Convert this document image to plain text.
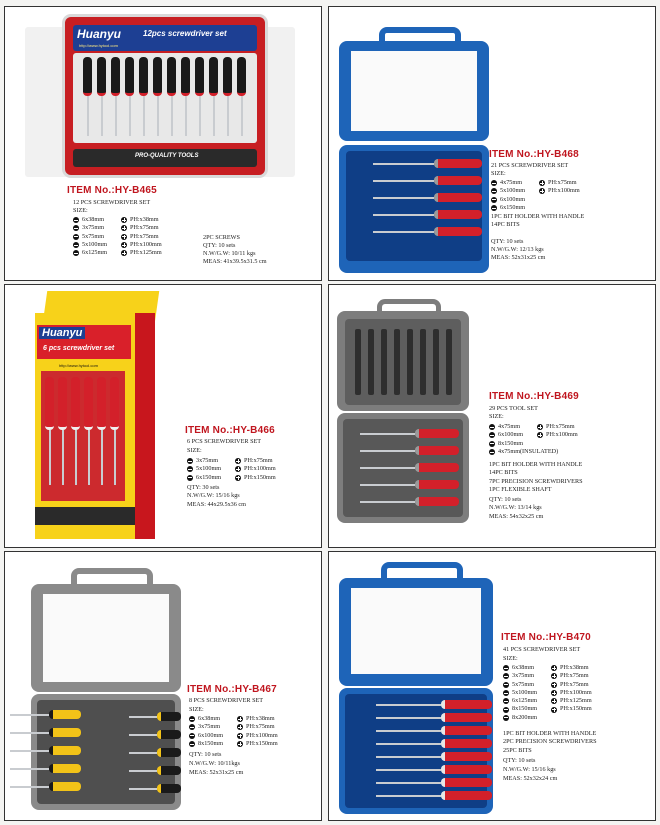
Huanyu	12pcs screwdriver set
http://www.hytool.com
PRO-QUALITY TOOLS
ITEM No.:HY-B465
12 PCS SCREWDRIVER SET
SIZE:
6x38mm	PH:x38mm
3x75mm	PH:x75mm
5x75mm	PH:x75mm
5x100mm	PH:x100mm
6x125mm	PH:x125mm
2PC SCREWS
QTY: 10 sets
N.W/G.W: 10/11 kgs
MEAS: 41x39.5x31.5 cm
ITEM No.:HY-B468
21 PCS SCREWDRIVER SET
SIZE:
4x75mm	PH:x75mm
5x100mm	PH:x100mm
6x100mm
6x150mm
1PC BIT HOLDER WITH HANDLE
14PC BITS
QTY: 10 sets
N.W/G.W: 12/13 kgs
MEAS: 52x31x25 cm
Huanyu
6 pcs screwdriver set
http://www.hytool.com
ITEM No.:HY-B466
6 PCS SCREWDRIVER SET
SIZE:
3x75mm	PH:x75mm
5x100mm	PH:x100mm
6x150mm	PH:x150mm
QTY: 30 sets
N.W/G.W: 15/16 kgs
MEAS: 44x29.5x36 cm
ITEM No.:HY-B469
29 PCS TOOL SET
SIZE:
4x75mm	PH:x75mm
6x100mm	PH:x100mm
8x150mm
4x75mm(INSULATED)
1PC BIT HOLDER WITH HANDLE
14PC BITS
7PC PRECISION SCREWDRIVERS
1PC FLEXIBLE SHAFT
QTY: 10 sets
N.W/G.W: 13/14 kgs
MEAS: 54x32x25 cm
ITEM No.:HY-B467
8 PCS SCREWDRIVER SET
SIZE:
6x38mm	PH:x38mm
3x75mm	PH:x75mm
6x100mm	PH:x100mm
8x150mm	PH:x150mm
QTY: 10 sets
N.W/G.W: 10/11kgs
MEAS: 52x31x25 cm
ITEM No.:HY-B470
41 PCS SCREWDRIVER SET
SIZE:
6x38mm	PH:x38mm
3x75mm	PH:x75mm
5x75mm	PH:x75mm
5x100mm	PH:x100mm
6x125mm	PH:x125mm
8x150mm	PH:x150mm
8x200mm
1PC BIT HOLDER WITH HANDLE
2PC PRECISION SCREWDRIVERS
25PC BITS
QTY: 10 sets
N.W/G.W: 15/16 kgs
MEAS: 52x32x24 cm
